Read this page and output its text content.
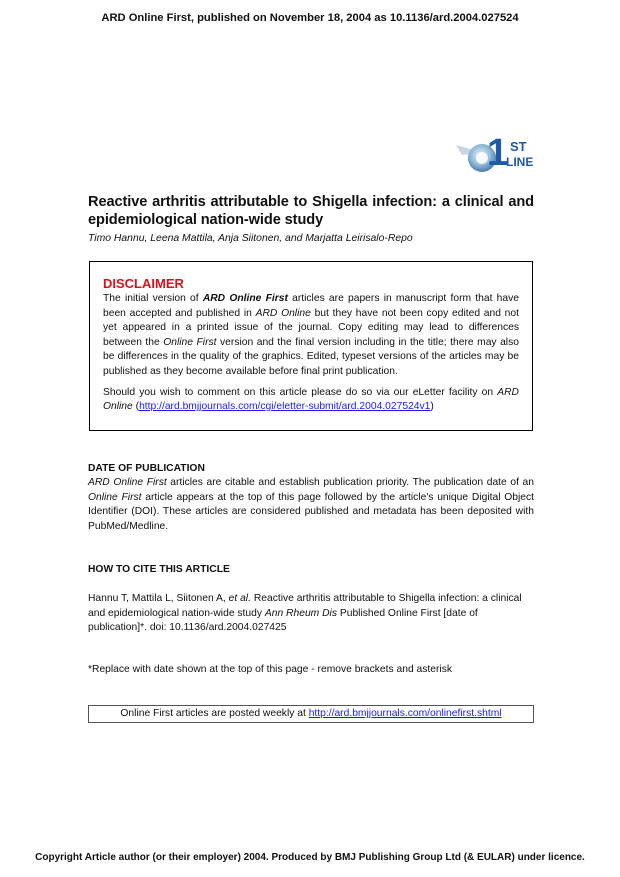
ARD Online First, published on November 18, 2004 as 10.1136/ard.2004.027524
1 ST
LINE
Reactive arthritis attributable to Shigella infection: a clinical and epidemiological nation-wide study
Timo Hannu, Leena Mattila, Anja Siitonen, and Marjatta Leirisalo-Repo
DISCLAIMER

The initial version of ARD Online First articles are papers in manuscript form that have been accepted and published in ARD Online but they have not been copy edited and not yet appeared in a printed issue of the journal. Copy editing may lead to differences between the Online First version and the final version including in the title; there may also be differences in the quality of the graphics. Edited, typeset versions of the articles may be published as they become available before final print publication.

Should you wish to comment on this article please do so via our eLetter facility on ARD Online (http://ard.bmjjournals.com/cgi/eletter-submit/ard.2004.027524v1)

DATE OF PUBLICATION
ARD Online First articles are citable and establish publication priority. The publication date of an Online First article appears at the top of this page followed by the article's unique Digital Object Identifier (DOI). These articles are considered published and metadata has been deposited with PubMed/Medline.
HOW TO CITE THIS ARTICLE
Hannu T, Mattila L, Siitonen A, et al. Reactive arthritis attributable to Shigella infection: a clinical and epidemiological nation-wide study Ann Rheum Dis Published Online First [date of publication]*. doi: 10.1136/ard.2004.027425
*Replace with date shown at the top of this page - remove brackets and asterisk
Online First articles are posted weekly at http://ard.bmjjournals.com/onlinefirst.shtml
Copyright Article author (or their employer) 2004. Produced by BMJ Publishing Group Ltd (& EULAR) under licence.
